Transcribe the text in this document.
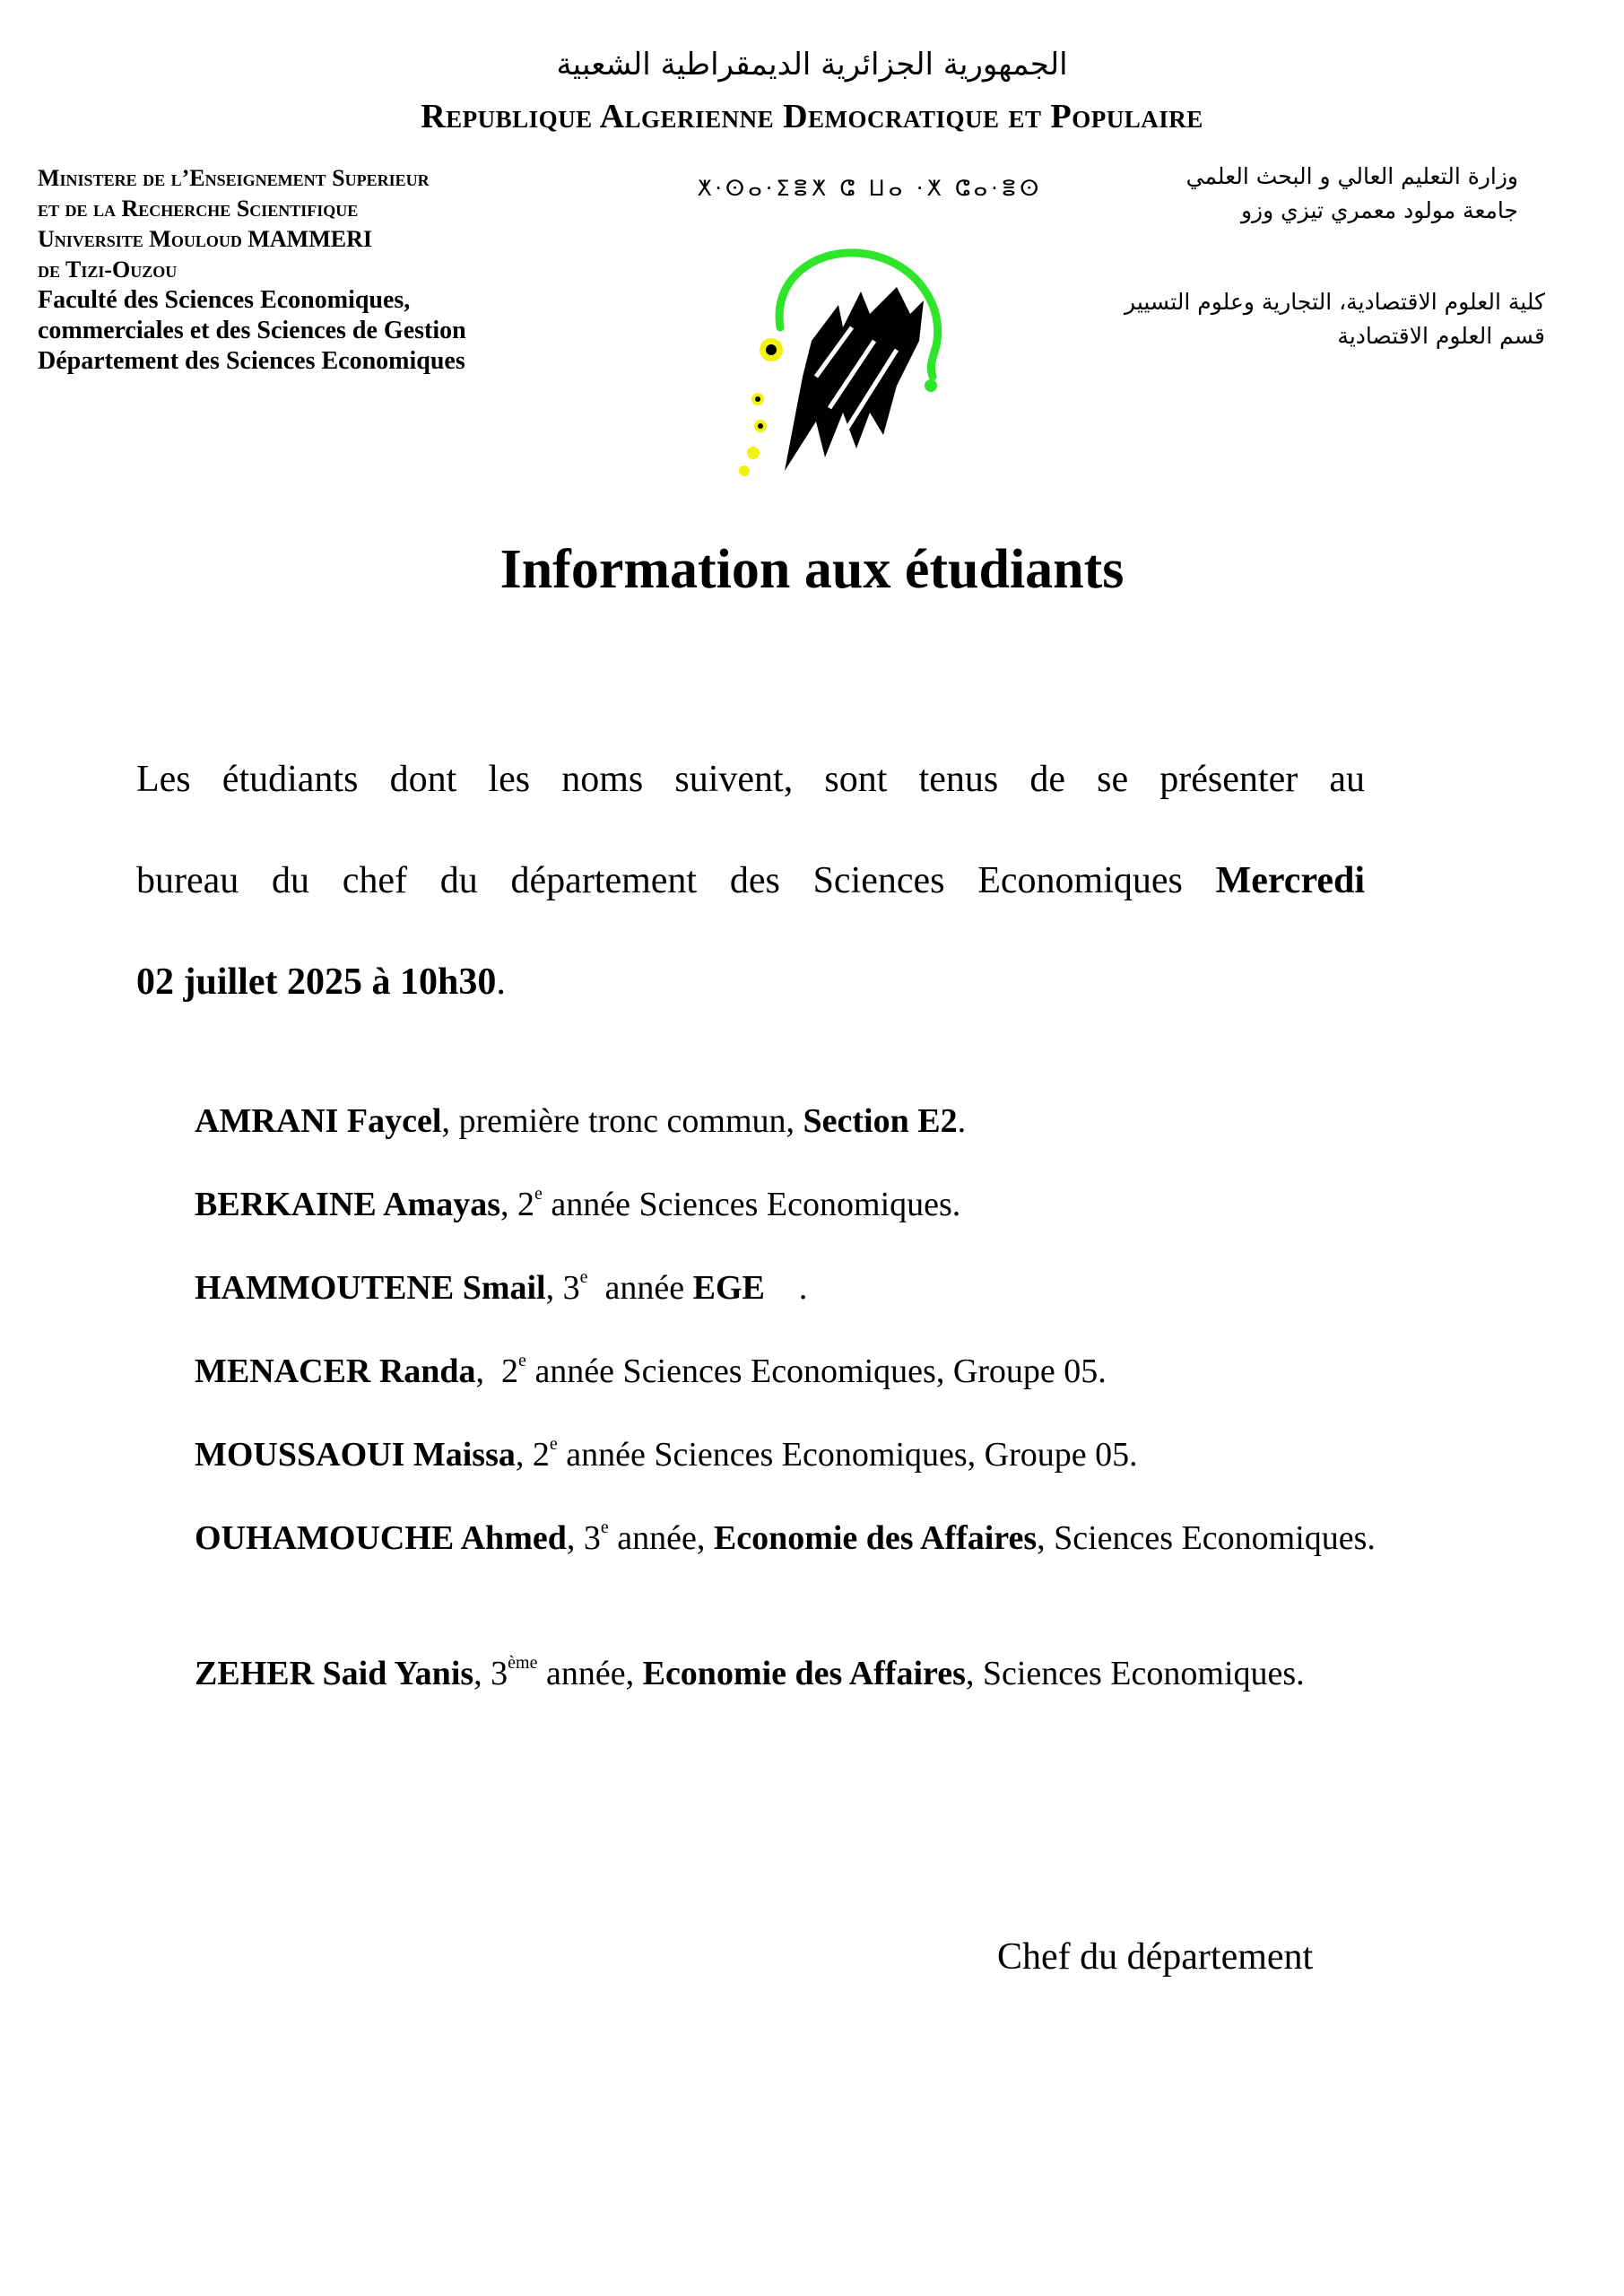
الجمهورية الجزائرية الديمقراطية الشعبية
Republique Algerienne Democratique et Populaire
Ministere de l’Enseignement Superieur
et de la Recherche Scientifique
Universite Mouloud MAMMERI
de Tizi-Ouzou
Faculté des Sciences Economiques,
commerciales et des Sciences de Gestion
Département des Sciences Economiques
ⵅ·ⵙⴰ·ⵉⴻⵅ ⵛ ⵡⴰ ·ⵅ ⵛⴰ·ⴻⵙ	وزارة التعليم العالي و البحث العلمي
جامعة مولود معمري تيزي وزو
كلية العلوم الاقتصادية، التجارية وعلوم التسيير
قسم العلوم الاقتصادية
Information aux étudiants
Les étudiants dont les noms suivent, sont tenus de se présenter au
bureau du chef du département des Sciences Economiques Mercredi
02 juillet 2025 à 10h30.
AMRANI Faycel, première tronc commun, Section E2.
BERKAINE Amayas, 2e année Sciences Economiques.
HAMMOUTENE Smail, 3e  année EGE    .
MENACER Randa,  2e année Sciences Economiques, Groupe 05.
MOUSSAOUI Maissa, 2e année Sciences Economiques, Groupe 05.
OUHAMOUCHE Ahmed, 3e année, Economie des Affaires, Sciences Economiques.
ZEHER Said Yanis, 3ème année, Economie des Affaires, Sciences Economiques.
Chef du département
